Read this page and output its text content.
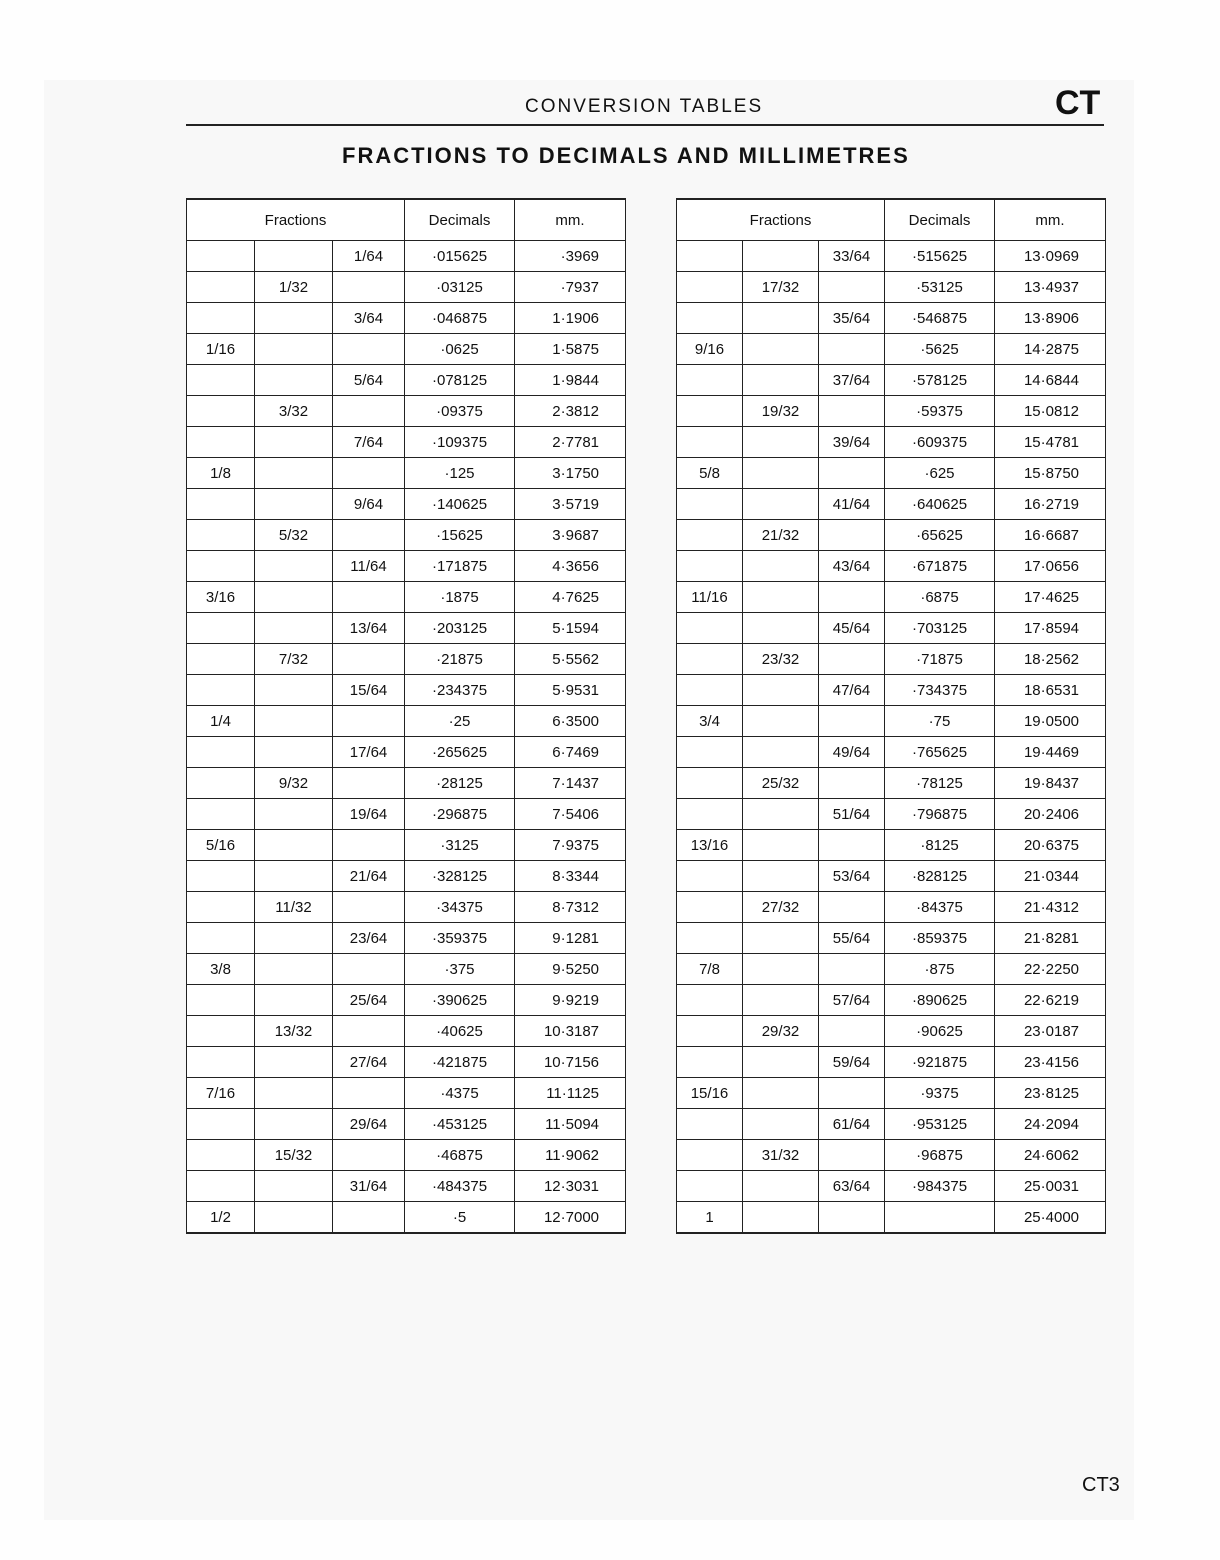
CONVERSION TABLES	CT
FRACTIONS TO DECIMALS AND MILLIMETRES
Fractions			Decimals	mm.
		1/64	·015625	·3969
	1/32		·03125	·7937
		3/64	·046875	1·1906
1/16			·0625	1·5875
		5/64	·078125	1·9844
	3/32		·09375	2·3812
		7/64	·109375	2·7781
1/8			·125	3·1750
		9/64	·140625	3·5719
	5/32		·15625	3·9687
		11/64	·171875	4·3656
3/16			·1875	4·7625
		13/64	·203125	5·1594
	7/32		·21875	5·5562
		15/64	·234375	5·9531
1/4			·25	6·3500
		17/64	·265625	6·7469
	9/32		·28125	7·1437
		19/64	·296875	7·5406
5/16			·3125	7·9375
		21/64	·328125	8·3344
	11/32		·34375	8·7312
		23/64	·359375	9·1281
3/8			·375	9·5250
		25/64	·390625	9·9219
	13/32		·40625	10·3187
		27/64	·421875	10·7156
7/16			·4375	11·1125
		29/64	·453125	11·5094
	15/32		·46875	11·9062
		31/64	·484375	12·3031
1/2			·5	12·7000
Fractions			Decimals	mm.
		33/64	·515625	13·0969
	17/32		·53125	13·4937
		35/64	·546875	13·8906
9/16			·5625	14·2875
		37/64	·578125	14·6844
	19/32		·59375	15·0812
		39/64	·609375	15·4781
5/8			·625	15·8750
		41/64	·640625	16·2719
	21/32		·65625	16·6687
		43/64	·671875	17·0656
11/16			·6875	17·4625
		45/64	·703125	17·8594
	23/32		·71875	18·2562
		47/64	·734375	18·6531
3/4			·75	19·0500
		49/64	·765625	19·4469
	25/32		·78125	19·8437
		51/64	·796875	20·2406
13/16			·8125	20·6375
		53/64	·828125	21·0344
	27/32		·84375	21·4312
		55/64	·859375	21·8281
7/8			·875	22·2250
		57/64	·890625	22·6219
	29/32		·90625	23·0187
		59/64	·921875	23·4156
15/16			·9375	23·8125
		61/64	·953125	24·2094
	31/32		·96875	24·6062
		63/64	·984375	25·0031
1				25·4000
CT3
